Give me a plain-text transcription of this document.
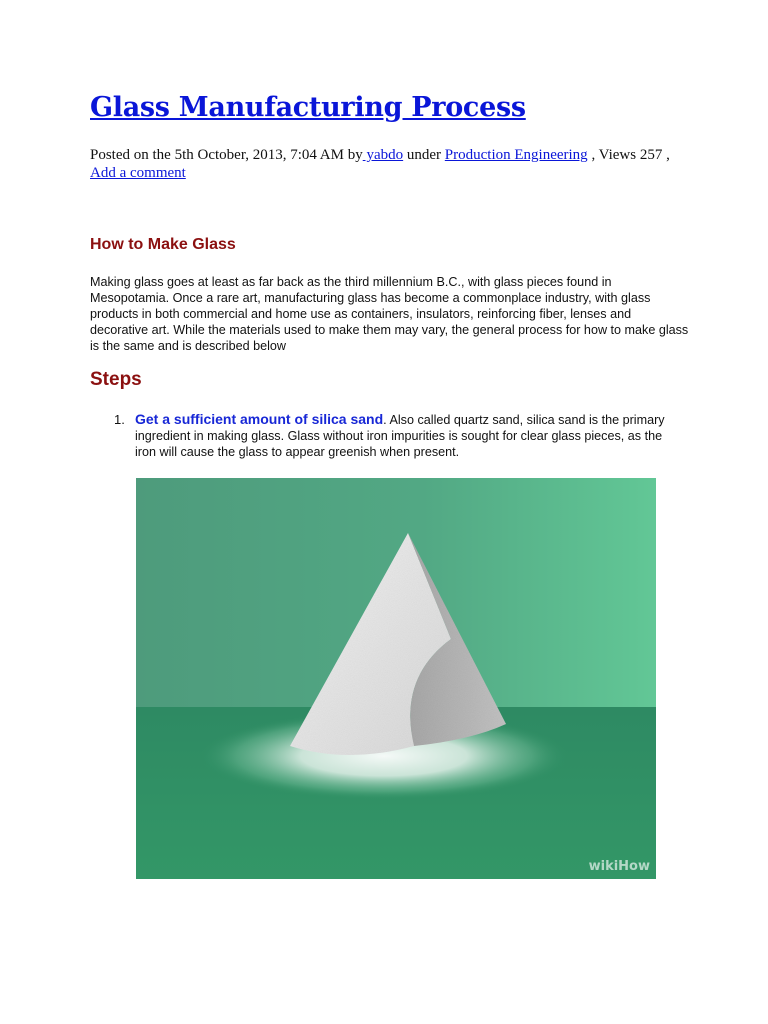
Glass Manufacturing Process
Posted on the 5th October, 2013, 7:04 AM by yabdo under Production Engineering , Views 257 ,
Add a comment
How to Make Glass

Making glass goes at least as far back as the third millennium B.C., with glass pieces found in Mesopotamia. Once a rare art, manufacturing glass has become a commonplace industry, with glass products in both commercial and home use as containers, insulators, reinforcing fiber, lenses and decorative art. While the materials used to make them may vary, the general process for how to make glass is the same and is described below

Steps
1. Get a sufficient amount of silica sand. Also called quartz sand, silica sand is the primary ingredient in making glass. Glass without iron impurities is sought for clear glass pieces, as the iron will cause the glass to appear greenish when present.
wikiHow
